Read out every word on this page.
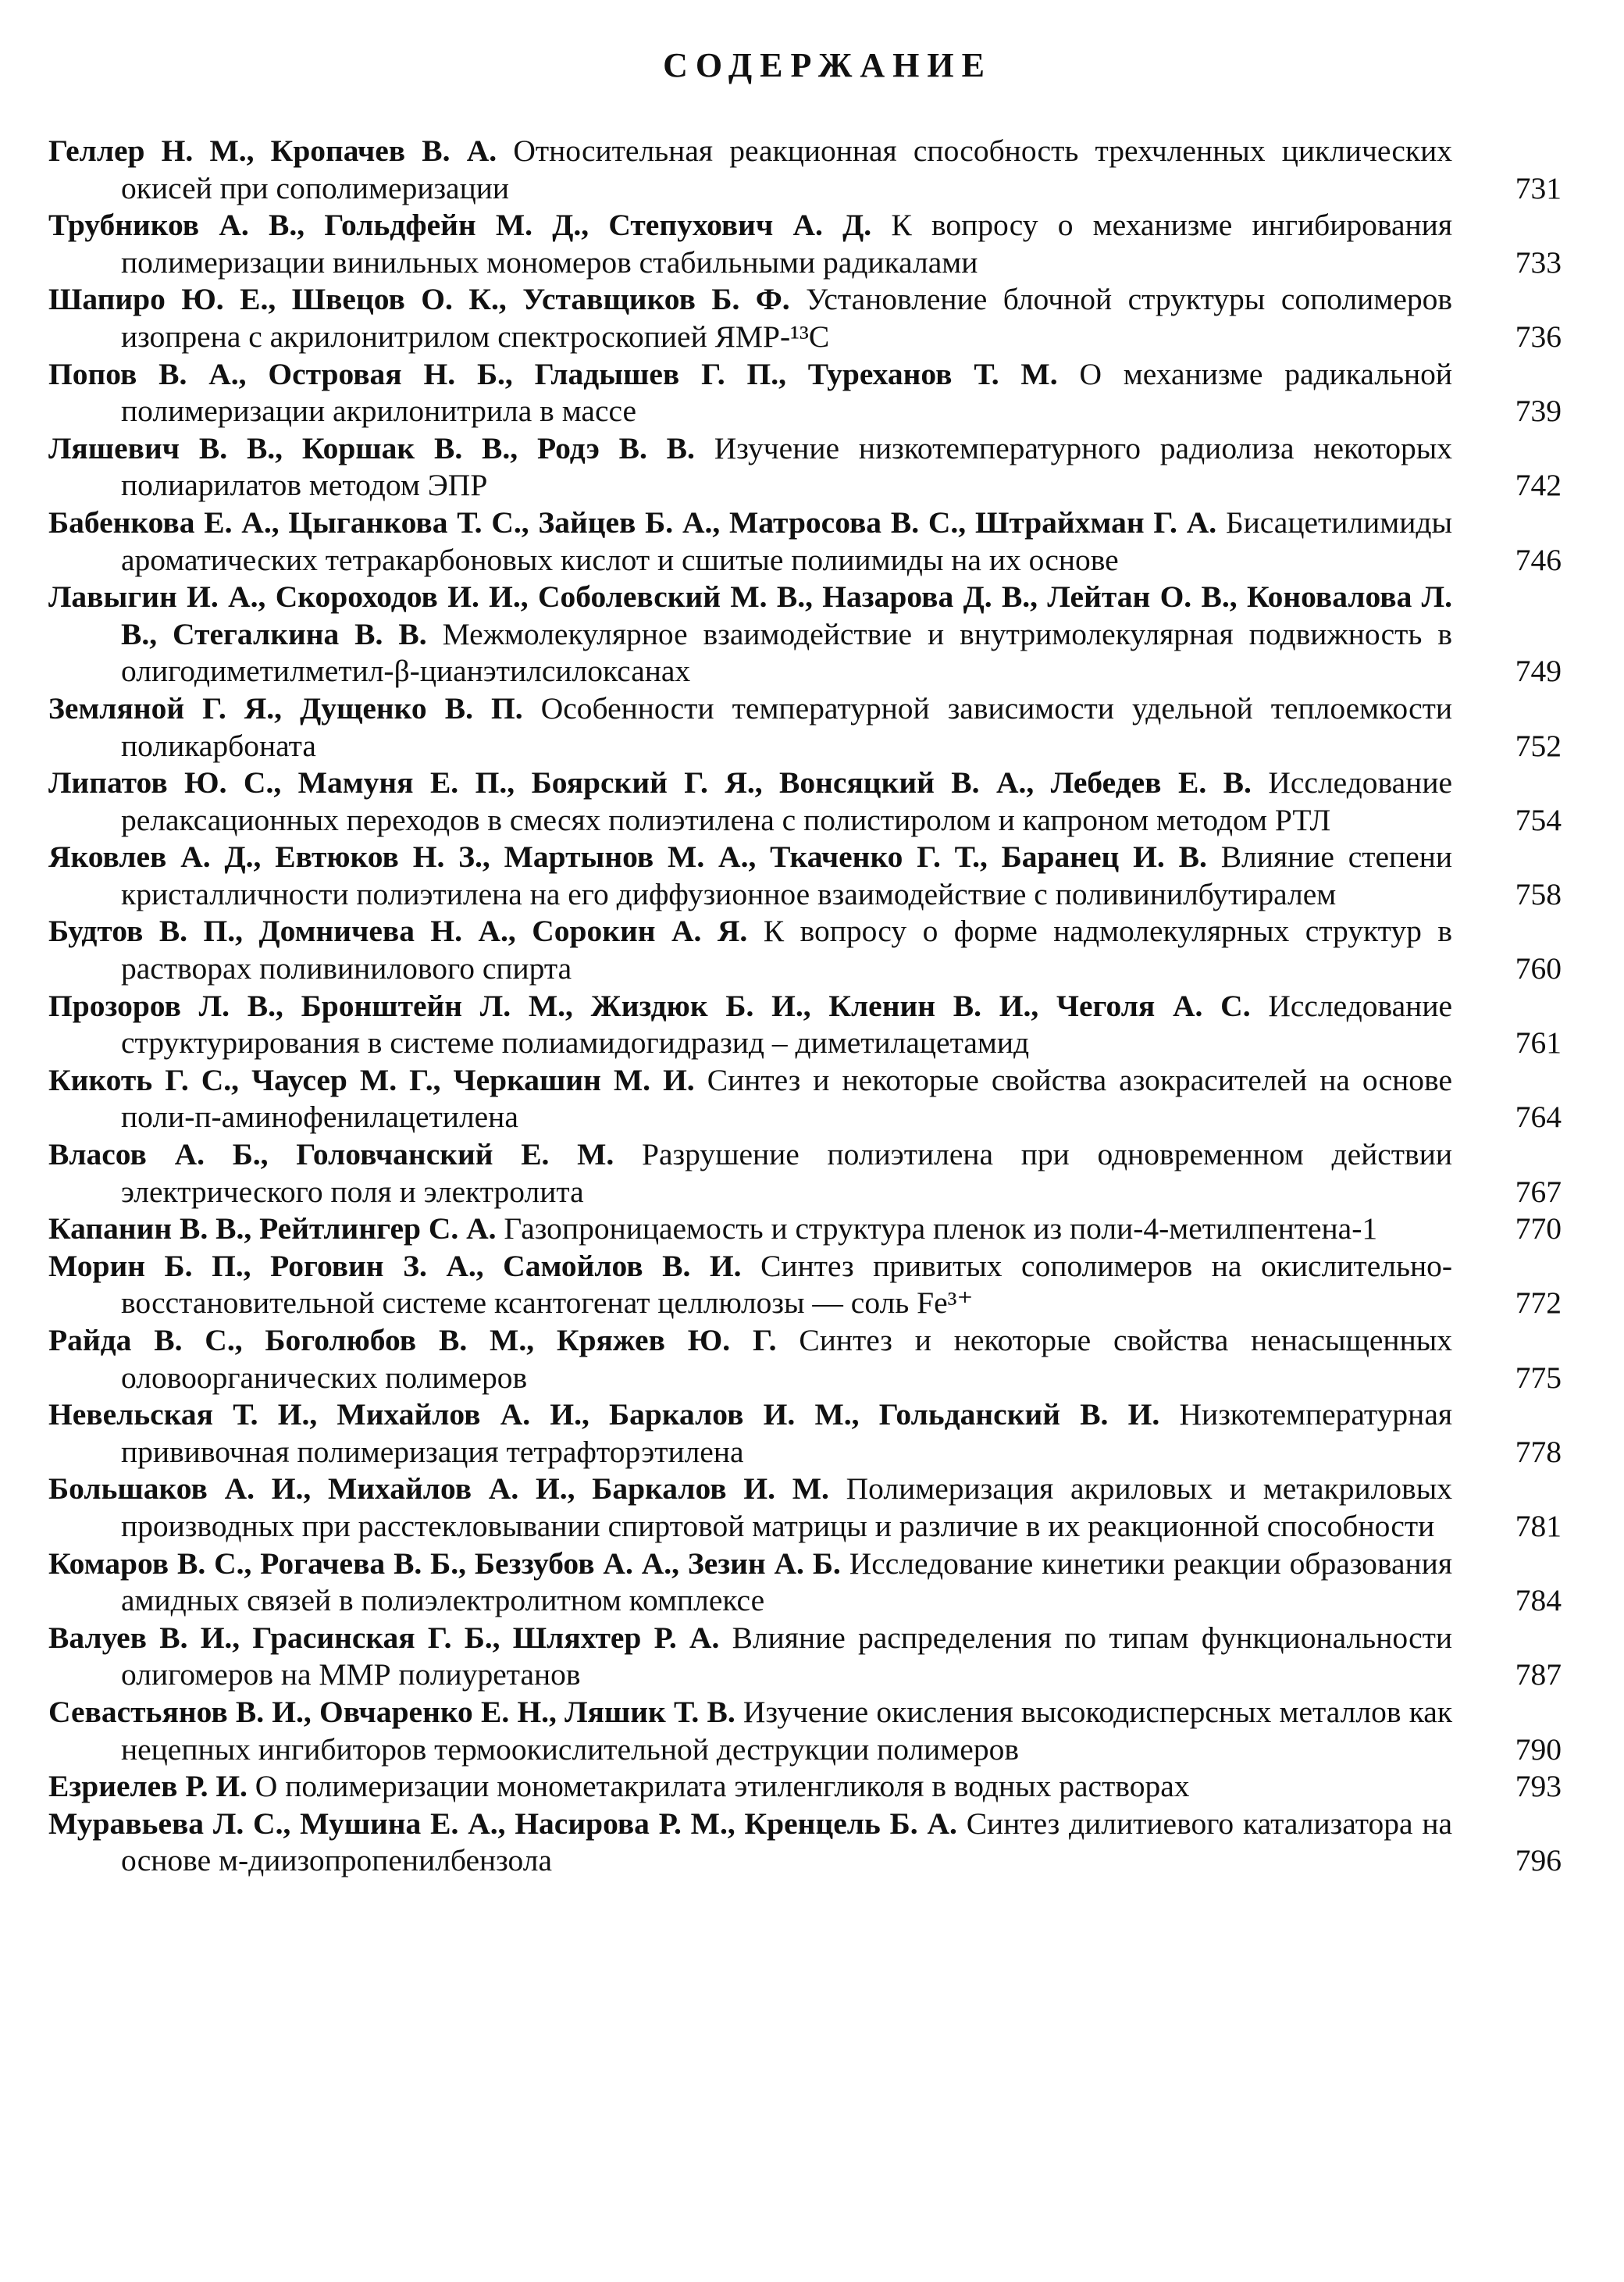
СОДЕРЖАНИЕ
Геллер Н. М., Кропачев В. А. Относительная реакционная способность трехчленных циклических окисей при сополимеризации	731
Трубников А. В., Гольдфейн М. Д., Степухович А. Д. К вопросу о механизме ингибирования полимеризации винильных мономеров стабильными радикалами	733
Шапиро Ю. Е., Швецов О. К., Уставщиков Б. Ф. Установление блочной структуры сополимеров изопрена с акрилонитрилом спектроскопией ЯМР-¹³С	736
Попов В. А., Островая Н. Б., Гладышев Г. П., Туреханов Т. М. О механизме радикальной полимеризации акрилонитрила в массе	739
Ляшевич В. В., Коршак В. В., Родэ В. В. Изучение низкотемпературного радиолиза некоторых полиарилатов методом ЭПР	742
Бабенкова Е. А., Цыганкова Т. С., Зайцев Б. А., Матросова В. С., Штрайхман Г. А. Бисацетилимиды ароматических тетракарбоновых кислот и сшитые полиимиды на их основе	746
Лавыгин И. А., Скороходов И. И., Соболевский М. В., Назарова Д. В., Лейтан О. В., Коновалова Л. В., Стегалкина В. В. Межмолекулярное взаимодействие и внутримолекулярная подвижность в олигодиметилметил-β-цианэтилсилоксанах	749
Земляной Г. Я., Дущенко В. П. Особенности температурной зависимости удельной теплоемкости поликарбоната	752
Липатов Ю. С., Мамуня Е. П., Боярский Г. Я., Вонсяцкий В. А., Лебедев Е. В. Исследование релаксационных переходов в смесях полиэтилена с полистиролом и капроном методом РТЛ	754
Яковлев А. Д., Евтюков Н. З., Мартынов М. А., Ткаченко Г. Т., Баранец И. В. Влияние степени кристалличности полиэтилена на его диффузионное взаимодействие с поливинилбутиралем	758
Будтов В. П., Домничева Н. А., Сорокин А. Я. К вопросу о форме надмолекулярных структур в растворах поливинилового спирта	760
Прозоров Л. В., Бронштейн Л. М., Жиздюк Б. И., Кленин В. И., Чеголя А. С. Исследование структурирования в системе полиамидогидразид – диметилацетамид	761
Кикоть Г. С., Чаусер М. Г., Черкашин М. И. Синтез и некоторые свойства азокрасителей на основе поли-п-аминофенилацетилена	764
Власов А. Б., Головчанский Е. М. Разрушение полиэтилена при одновременном действии электрического поля и электролита	767
Капанин В. В., Рейтлингер С. А. Газопроницаемость и структура пленок из поли-4-метилпентена-1	770
Морин Б. П., Роговин З. А., Самойлов В. И. Синтез привитых сополимеров на окислительно-восстановительной системе ксантогенат целлюлозы — соль Fe³⁺	772
Райда В. С., Боголюбов В. М., Кряжев Ю. Г. Синтез и некоторые свойства ненасыщенных оловоорганических полимеров	775
Невельская Т. И., Михайлов А. И., Баркалов И. М., Гольданский В. И. Низкотемпературная прививочная полимеризация тетрафторэтилена	778
Большаков А. И., Михайлов А. И., Баркалов И. М. Полимеризация акриловых и метакриловых производных при расстекловывании спиртовой матрицы и различие в их реакционной способности	781
Комаров В. С., Рогачева В. Б., Беззубов А. А., Зезин А. Б. Исследование кинетики реакции образования амидных связей в полиэлектролитном комплексе	784
Валуев В. И., Грасинская Г. Б., Шляхтер Р. А. Влияние распределения по типам функциональности олигомеров на ММР полиуретанов	787
Севастьянов В. И., Овчаренко Е. Н., Ляшик Т. В. Изучение окисления высокодисперсных металлов как нецепных ингибиторов термоокислительной деструкции полимеров	790
Езриелев Р. И. О полимеризации монометакрилата этиленгликоля в водных растворах	793
Муравьева Л. С., Мушина Е. А., Насирова Р. М., Кренцель Б. А. Синтез дилитиевого катализатора на основе м-диизопропенилбензола	796
